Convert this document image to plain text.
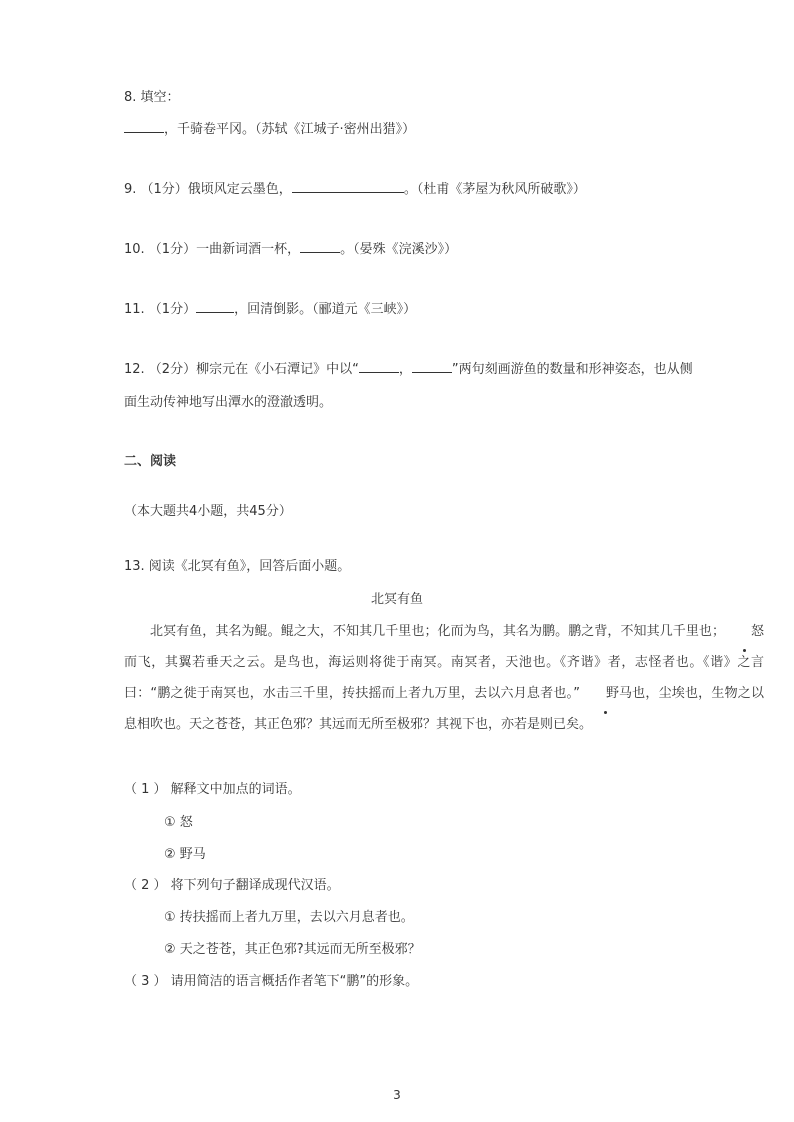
8. 填空：
，千骑卷平冈。（苏轼《江城子·密州出猎》）
9. （1分）俄顷风定云墨色，	。（杜甫《茅屋为秋风所破歌》）
10. （1分）一曲新词酒一杯，	。（晏殊《浣溪沙》）
11. （1分）	，回清倒影。（郦道元《三峡》）
12. （2分）柳宗元在《小石潭记》中以“	，	”两句刻画游鱼的数量和形神姿态，也从侧
面生动传神地写出潭水的澄澈透明。
二、阅读
（本大题共4小题，共45分）
13. 阅读《北冥有鱼》，回答后面小题。
北冥有鱼
北冥有鱼，其名为鲲。鲲之大，不知其几千里也；化而为鸟，其名为鹏。鹏之背，不知其几千里也； 怒而飞，其翼若垂天之云。是鸟也，海运则将徙于南冥。南冥者，天池也。《齐谐》者，志怪者也。《谐》之言曰：“鹏之徙于南冥也，水击三千里，抟扶摇而上者九万里，去以六月息者也。” 野马也，尘埃也，生物之以息相吹也。天之苍苍，其正色邪？其远而无所至极邪？其视下也，亦若是则已矣。
（ 1 ） 解释文中加点的词语。
① 怒
② 野马
（ 2 ） 将下列句子翻译成现代汉语。
① 抟扶摇而上者九万里，去以六月息者也。
② 天之苍苍，其正色邪?其远而无所至极邪？
（ 3 ） 请用简洁的语言概括作者笔下“鹏”的形象。
3
